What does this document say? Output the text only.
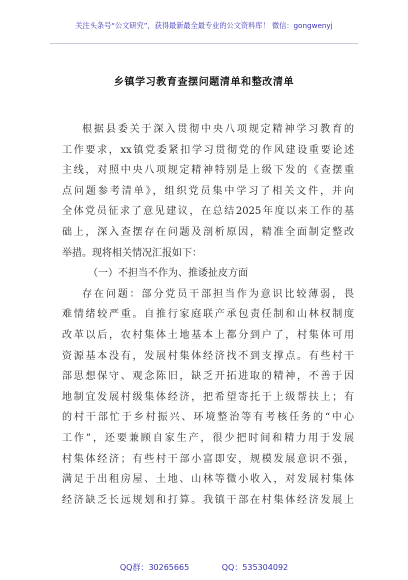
关注头条号“公文研究”，获得最新最全最专业的公文资料库！ 微信：gongwenyj
乡镇学习教育查摆问题清单和整改清单
根据县委关于深入贯彻中央八项规定精神学习教育的
工作要求，xx镇党委紧扣学习贯彻党的作风建设重要论述
主线，对照中央八项规定精神特别是上级下发的《查摆重
点问题参考清单》，组织党员集中学习了相关文件，并向
全体党员征求了意见建议，在总结2025年度以来工作的基
础上，深入查摆存在问题及剖析原因，精准全面制定整改
举措。现将相关情况汇报如下：
（一）不担当不作为、推诿扯皮方面
存在问题：部分党员干部担当作为意识比较薄弱，畏
难情绪较严重。自推行家庭联产承包责任制和山林权制度
改革以后，农村集体土地基本上都分到户了，村集体可用
资源基本没有，发展村集体经济找不到支撑点。有些村干
部思想保守、观念陈旧，缺乏开拓进取的精神，不善于因
地制宜发展村级集体经济，把希望寄托于上级帮扶上；有
的村干部忙于乡村振兴、环境整治等有考核任务的“中心
工作”，还要兼顾自家生产，很少把时间和精力用于发展
村集体经济；有些村干部小富即安，规模发展意识不强，
满足于出租房屋、土地、山林等微小收入，对发展村集体
经济缺乏长远规划和打算。我镇干部在村集体经济发展上
QQ群：30265665	QQ：535304092
